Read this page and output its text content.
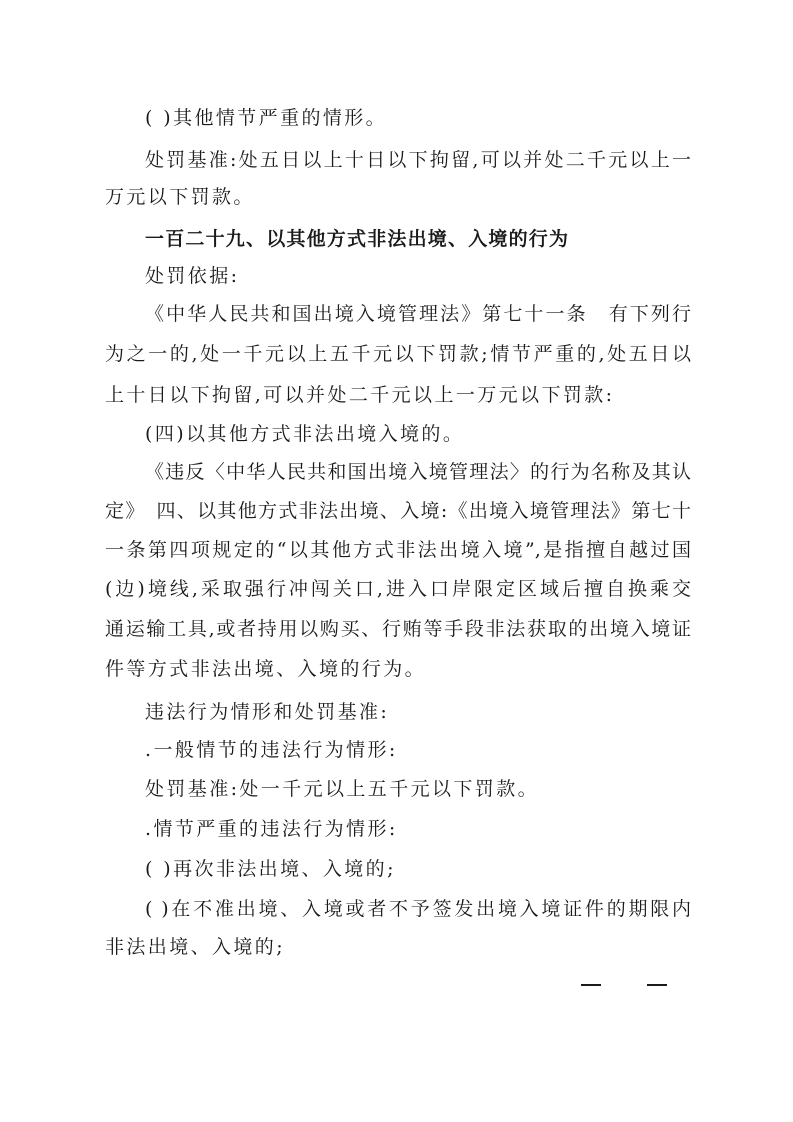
( )其他情节严重的情形。
处罚基准:处五日以上十日以下拘留,可以并处二千元以上一
万元以下罚款。
一百二十九、以其他方式非法出境、入境的行为
处罚依据:
《中华人民共和国出境入境管理法》第七十一条　有下列行
为之一的,处一千元以上五千元以下罚款;情节严重的,处五日以
上十日以下拘留,可以并处二千元以上一万元以下罚款:
(四)以其他方式非法出境入境的。
《违反〈中华人民共和国出境入境管理法〉的行为名称及其认
定》　四、以其他方式非法出境、入境:《出境入境管理法》第七十
一条第四项规定的“以其他方式非法出境入境”,是指擅自越过国
(边)境线,采取强行冲闯关口,进入口岸限定区域后擅自换乘交
通运输工具,或者持用以购买、行贿等手段非法获取的出境入境证
件等方式非法出境、入境的行为。
违法行为情形和处罚基准:
.一般情节的违法行为情形:
处罚基准:处一千元以上五千元以下罚款。
.情节严重的违法行为情形:
( )再次非法出境、入境的;
( )在不准出境、入境或者不予签发出境入境证件的期限内
非法出境、入境的;
